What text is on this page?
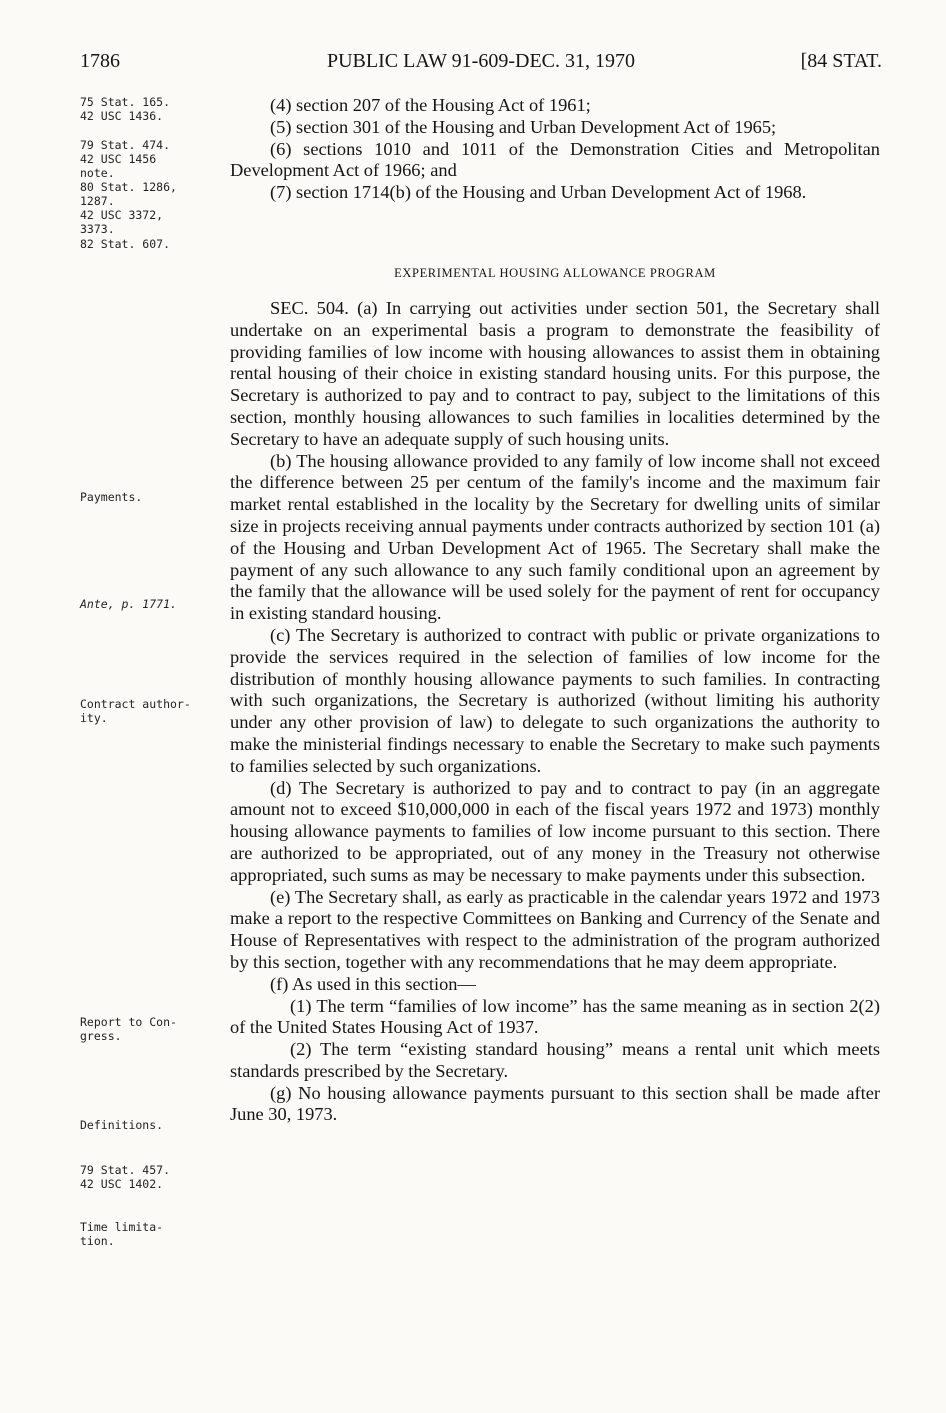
1786	PUBLIC LAW 91-609-DEC. 31, 1970	[84 STAT.
75 Stat. 165.
42 USC 1436.
79 Stat. 474.
42 USC 1456
note.
80 Stat. 1286,
1287.
42 USC 3372,
3373.
82 Stat. 607.
Payments.
Ante, p. 1771.
Contract author-
ity.
Report to Con-
gress.
Definitions.
79 Stat. 457.
42 USC 1402.
Time limita-
tion.

(4) section 207 of the Housing Act of 1961;

(5) section 301 of the Housing and Urban Development Act of 1965;

(6) sections 1010 and 1011 of the Demonstration Cities and Metropolitan Development Act of 1966; and

(7) section 1714(b) of the Housing and Urban Development Act of 1968.

EXPERIMENTAL HOUSING ALLOWANCE PROGRAM

SEC. 504. (a) In carrying out activities under section 501, the Secretary shall undertake on an experimental basis a program to demonstrate the feasibility of providing families of low income with housing allowances to assist them in obtaining rental housing of their choice in existing standard housing units. For this purpose, the Secretary is authorized to pay and to contract to pay, subject to the limitations of this section, monthly housing allowances to such families in localities determined by the Secretary to have an adequate supply of such housing units.

(b) The housing allowance provided to any family of low income shall not exceed the difference between 25 per centum of the family's income and the maximum fair market rental established in the locality by the Secretary for dwelling units of similar size in projects receiving annual payments under contracts authorized by section 101 (a) of the Housing and Urban Development Act of 1965. The Secretary shall make the payment of any such allowance to any such family conditional upon an agreement by the family that the allowance will be used solely for the payment of rent for occupancy in existing standard housing.

(c) The Secretary is authorized to contract with public or private organizations to provide the services required in the selection of families of low income for the distribution of monthly housing allowance payments to such families. In contracting with such organizations, the Secretary is authorized (without limiting his authority under any other provision of law) to delegate to such organizations the authority to make the ministerial findings necessary to enable the Secretary to make such payments to families selected by such organizations.

(d) The Secretary is authorized to pay and to contract to pay (in an aggregate amount not to exceed $10,000,000 in each of the fiscal years 1972 and 1973) monthly housing allowance payments to families of low income pursuant to this section. There are authorized to be appropriated, out of any money in the Treasury not otherwise appropriated, such sums as may be necessary to make payments under this subsection.

(e) The Secretary shall, as early as practicable in the calendar years 1972 and 1973 make a report to the respective Committees on Banking and Currency of the Senate and House of Representatives with respect to the administration of the program authorized by this section, together with any recommendations that he may deem appropriate.

(f) As used in this section—

(1) The term “families of low income” has the same meaning as in section 2(2) of the United States Housing Act of 1937.

(2) The term “existing standard housing” means a rental unit which meets standards prescribed by the Secretary.

(g) No housing allowance payments pursuant to this section shall be made after June 30, 1973.
